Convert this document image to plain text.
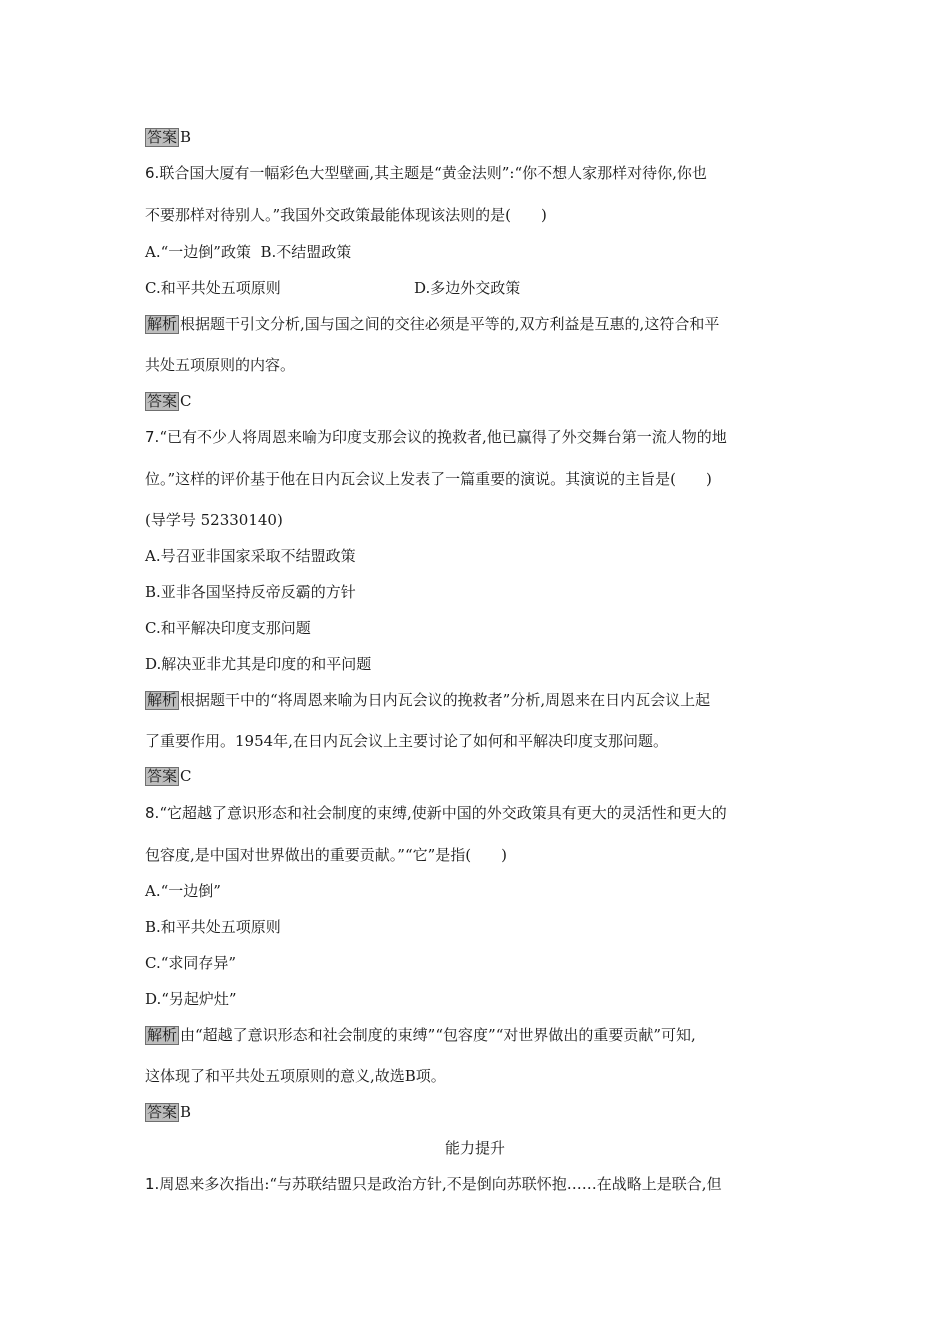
答案 B
6.联合国大厦有一幅彩色大型壁画,其主题是“黄金法则”:“你不想人家那样对待你,你也
不要那样对待别人。”我国外交政策最能体现该法则的是(　　)
A.“一边倒”政策 B.不结盟政策
C.和平共处五项原则	D.多边外交政策
解析 根据题干引文分析,国与国之间的交往必须是平等的,双方利益是互惠的,这符合和平
共处五项原则的内容。
答案 C
7.“已有不少人将周恩来喻为印度支那会议的挽救者,他已赢得了外交舞台第一流人物的地
位。”这样的评价基于他在日内瓦会议上发表了一篇重要的演说。其演说的主旨是(　　)
(导学号 52330140)
A.号召亚非国家采取不结盟政策
B.亚非各国坚持反帝反霸的方针
C.和平解决印度支那问题
D.解决亚非尤其是印度的和平问题
解析 根据题干中的“将周恩来喻为日内瓦会议的挽救者”分析,周恩来在日内瓦会议上起
了重要作用。1954年,在日内瓦会议上主要讨论了如何和平解决印度支那问题。
答案 C
8.“它超越了意识形态和社会制度的束缚,使新中国的外交政策具有更大的灵活性和更大的
包容度,是中国对世界做出的重要贡献。”“它”是指(　　)
A.“一边倒”
B.和平共处五项原则
C.“求同存异”
D.“另起炉灶”
解析 由“超越了意识形态和社会制度的束缚”“包容度”“对世界做出的重要贡献”可知,
这体现了和平共处五项原则的意义,故选B项。
答案 B
能力提升
1.周恩来多次指出:“与苏联结盟只是政治方针,不是倒向苏联怀抱……在战略上是联合,但
